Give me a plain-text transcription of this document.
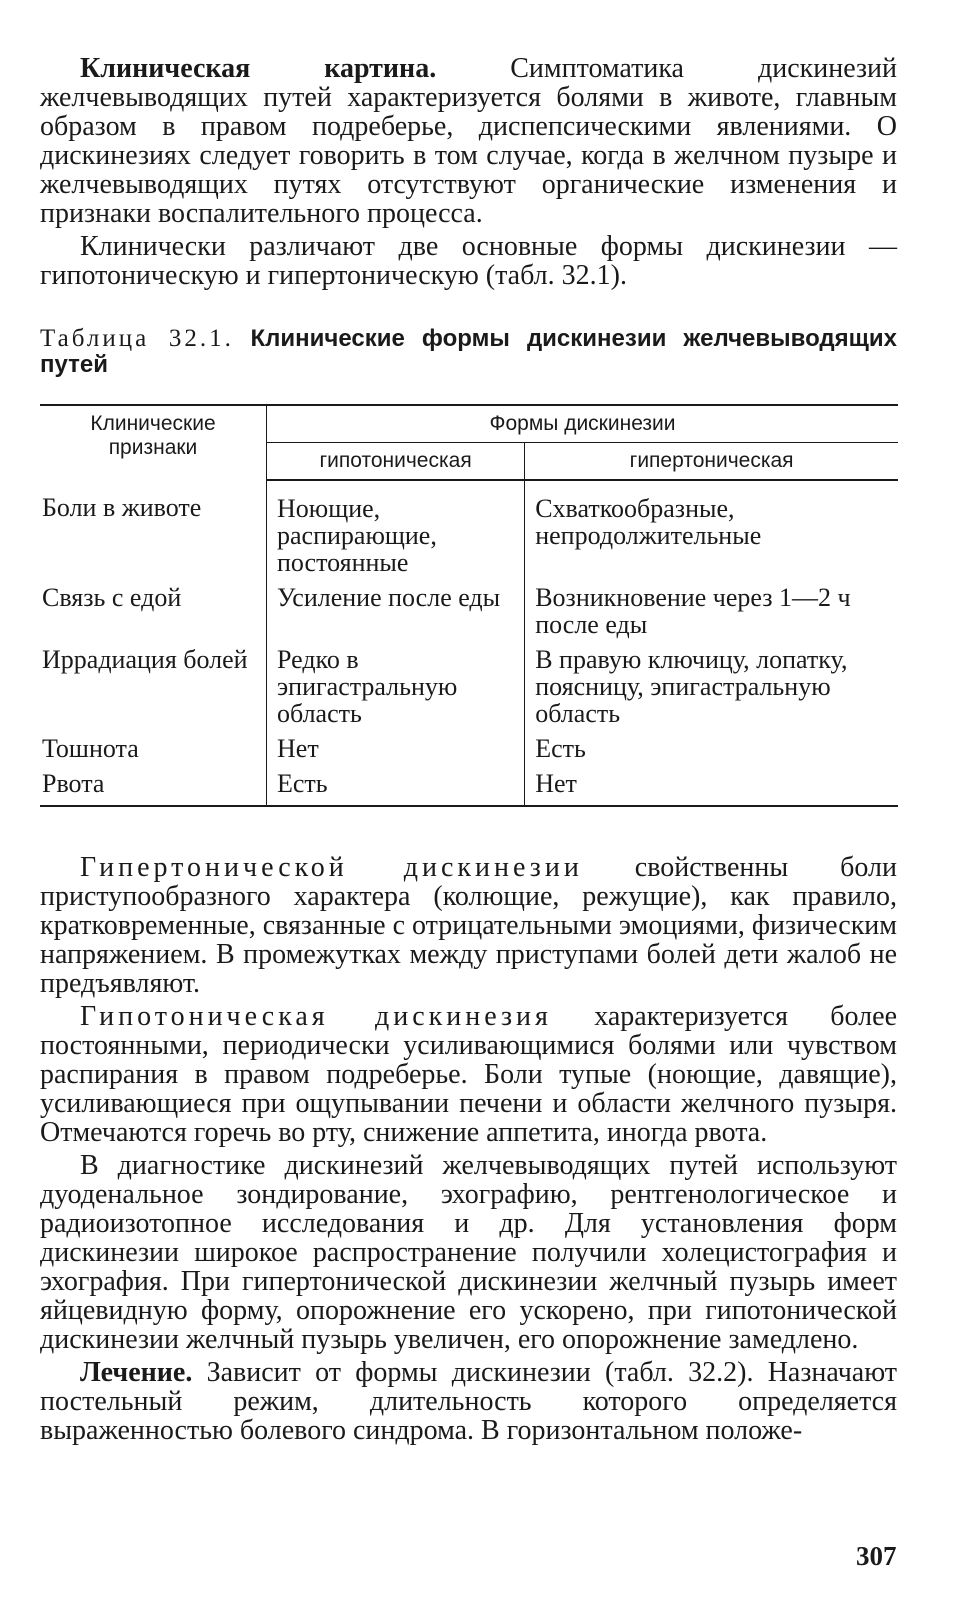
Клиническая картина. Симптоматика дискинезий желчевыводящих путей характеризуется болями в животе, главным образом в правом подреберье, диспепсическими явлениями. О дискинезиях следует говорить в том случае, когда в желчном пузыре и желчевыводящих путях отсутствуют органические изменения и признаки воспалительного процесса.

Клинически различают две основные формы дискинезии — гипотоническую и гипертоническую (табл. 32.1).

Таблица 32.1. Клинические формы дискинезии желчевыводящих путей
Клинические признаки	Формы дискинезии	
	гипотоническая	гипертоническая
Боли в животе	Ноющие, распирающие, постоянные	Схваткообразные, непродолжительные
Связь с едой	Усиление после еды	Возникновение через 1—2 ч после еды
Иррадиация болей	Редко в эпигастральную область	В правую ключицу, лопатку, поясницу, эпигастральную область
Тошнота	Нет	Есть
Рвота	Есть	Нет

Гипертонической дискинезии свойственны боли приступообразного характера (колющие, режущие), как правило, кратковременные, связанные с отрицательными эмоциями, физическим напряжением. В промежутках между приступами болей дети жалоб не предъявляют.

Гипотоническая дискинезия характеризуется более постоянными, периодически усиливающимися болями или чувством распирания в правом подреберье. Боли тупые (ноющие, давящие), усиливающиеся при ощупывании печени и области желчного пузыря. Отмечаются горечь во рту, снижение аппетита, иногда рвота.

В диагностике дискинезий желчевыводящих путей используют дуоденальное зондирование, эхографию, рентгенологическое и радиоизотопное исследования и др. Для установления форм дискинезии широкое распространение получили холецистография и эхография. При гипертонической дискинезии желчный пузырь имеет яйцевидную форму, опорожнение его ускорено, при гипотонической дискинезии желчный пузырь увеличен, его опорожнение замедлено.

Лечение. Зависит от формы дискинезии (табл. 32.2). Назначают постельный режим, длительность которого определяется выраженностью болевого синдрома. В горизонтальном положе-

307
